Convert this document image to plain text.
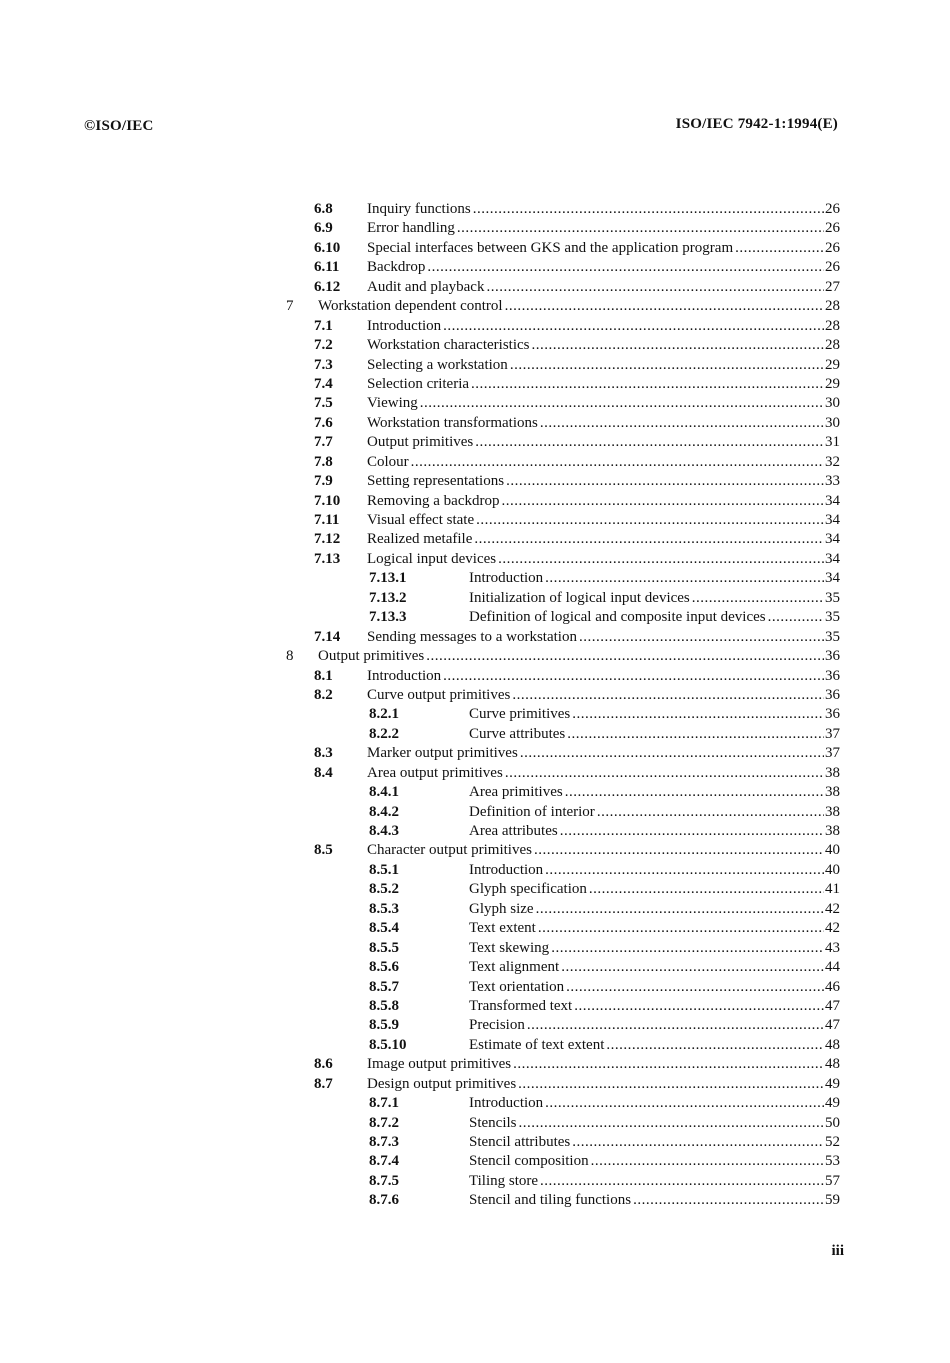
©ISO/IEC	ISO/IEC 7942-1:1994(E)
6.8 Inquiry functions .....	26
6.9 Error handling .....	26
6.10 Special interfaces between GKS and the application program .....	26
6.11 Backdrop .....	26
6.12 Audit and playback .....	27
7 Workstation dependent control .....	28
7.1 Introduction .....	28
7.2 Workstation characteristics .....	28
7.3 Selecting a workstation .....	29
7.4 Selection criteria .....	29
7.5 Viewing .....	30
7.6 Workstation transformations .....	30
7.7 Output primitives .....	31
7.8 Colour .....	32
7.9 Setting representations .....	33
7.10 Removing a backdrop .....	34
7.11 Visual effect state .....	34
7.12 Realized metafile .....	34
7.13 Logical input devices .....	34
7.13.1	Introduction .....	34
7.13.2	Initialization of logical input devices .....	35
7.13.3	Definition of logical and composite input devices .....	35
7.14 Sending messages to a workstation .....	35
8 Output primitives .....	36
8.1 Introduction .....	36
8.2 Curve output primitives .....	36
8.2.1	Curve primitives .....	36
8.2.2	Curve attributes .....	37
8.3 Marker output primitives .....	37
8.4 Area output primitives .....	38
8.4.1	Area primitives .....	38
8.4.2	Definition of interior .....	38
8.4.3	Area attributes .....	38
8.5 Character output primitives .....	40
8.5.1	Introduction .....	40
8.5.2	Glyph specification .....	41
8.5.3	Glyph size .....	42
8.5.4	Text extent .....	42
8.5.5	Text skewing .....	43
8.5.6	Text alignment .....	44
8.5.7	Text orientation .....	46
8.5.8	Transformed text .....	47
8.5.9	Precision .....	47
8.5.10	Estimate of text extent .....	48
8.6 Image output primitives .....	48
8.7 Design output primitives .....	49
8.7.1	Introduction .....	49
8.7.2	Stencils .....	50
8.7.3	Stencil attributes .....	52
8.7.4	Stencil composition .....	53
8.7.5	Tiling store .....	57
8.7.6	Stencil and tiling functions .....	59
iii
